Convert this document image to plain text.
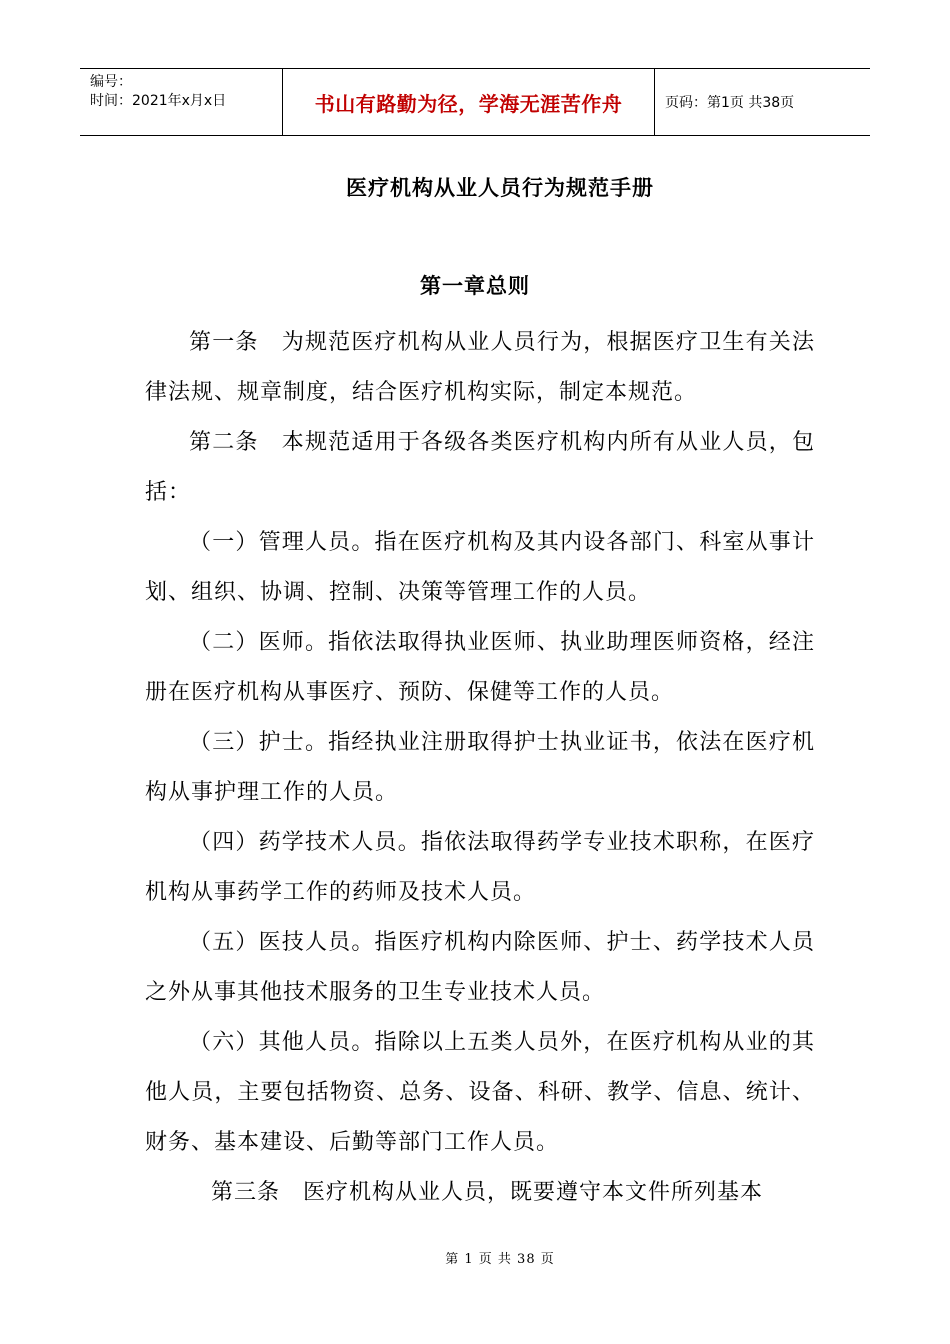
编号：
时间：2021年x月x日	书山有路勤为径，学海无涯苦作舟	页码：第1页 共38页
医疗机构从业人员行为规范手册
第一章总则

第一条　为规范医疗机构从业人员行为，根据医疗卫生有关法律法规、规章制度，结合医疗机构实际，制定本规范。

第二条　本规范适用于各级各类医疗机构内所有从业人员，包括：

（一）管理人员。指在医疗机构及其内设各部门、科室从事计划、组织、协调、控制、决策等管理工作的人员。

（二）医师。指依法取得执业医师、执业助理医师资格，经注册在医疗机构从事医疗、预防、保健等工作的人员。

（三）护士。指经执业注册取得护士执业证书，依法在医疗机构从事护理工作的人员。

（四）药学技术人员。指依法取得药学专业技术职称，在医疗机构从事药学工作的药师及技术人员。

（五）医技人员。指医疗机构内除医师、护士、药学技术人员之外从事其他技术服务的卫生专业技术人员。

（六）其他人员。指除以上五类人员外，在医疗机构从业的其他人员，主要包括物资、总务、设备、科研、教学、信息、统计、财务、基本建设、后勤等部门工作人员。

第三条　医疗机构从业人员，既要遵守本文件所列基本

第 1 页 共 38 页
